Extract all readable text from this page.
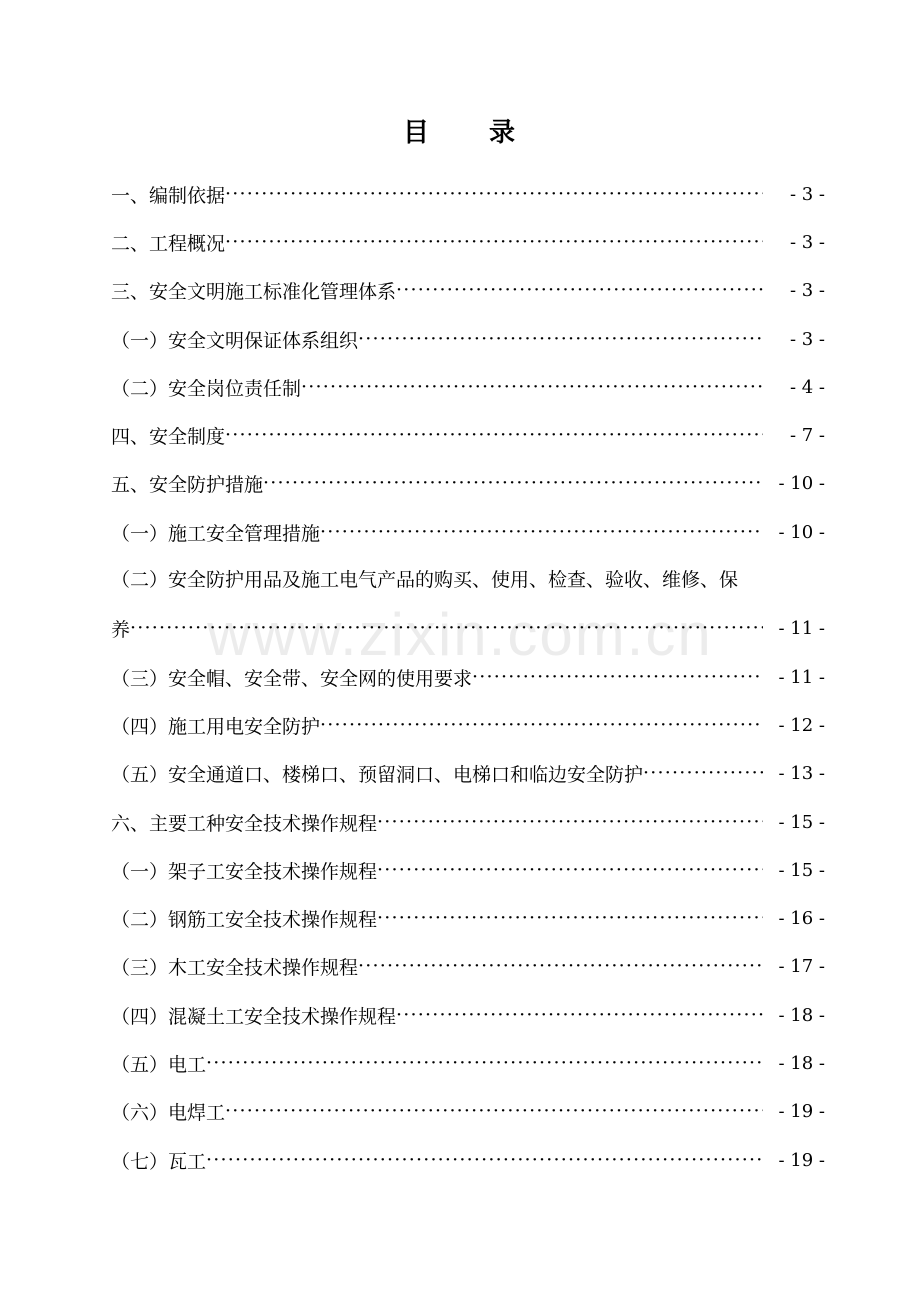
目 录
www.zixin.com.cn
一、编制依据 ·····	- 3 -
二、工程概况 ·····	- 3 -
三、安全文明施工标准化管理体系 ·····	- 3 -
（一）安全文明保证体系组织 ·····	- 3 -
（二）安全岗位责任制 ·····	- 4 -
四、安全制度 ·····	- 7 -
五、安全防护措施 ·····	- 10 -
（一）施工安全管理措施 ·····	- 10 -
（二）安全防护用品及施工电气产品的购买、使用、检查、验收、维修、保
养 ·····	- 11 -
（三）安全帽、安全带、安全网的使用要求 ·····	- 11 -
（四）施工用电安全防护 ·····	- 12 -
（五）安全通道口、楼梯口、预留洞口、电梯口和临边安全防护 ·····	- 13 -
六、主要工种安全技术操作规程 ·····	- 15 -
（一）架子工安全技术操作规程 ·····	- 15 -
（二）钢筋工安全技术操作规程 ·····	- 16 -
（三）木工安全技术操作规程 ·····	- 17 -
（四）混凝土工安全技术操作规程 ·····	- 18 -
（五）电工 ·····	- 18 -
（六）电焊工 ·····	- 19 -
（七）瓦工 ·····	- 19 -
